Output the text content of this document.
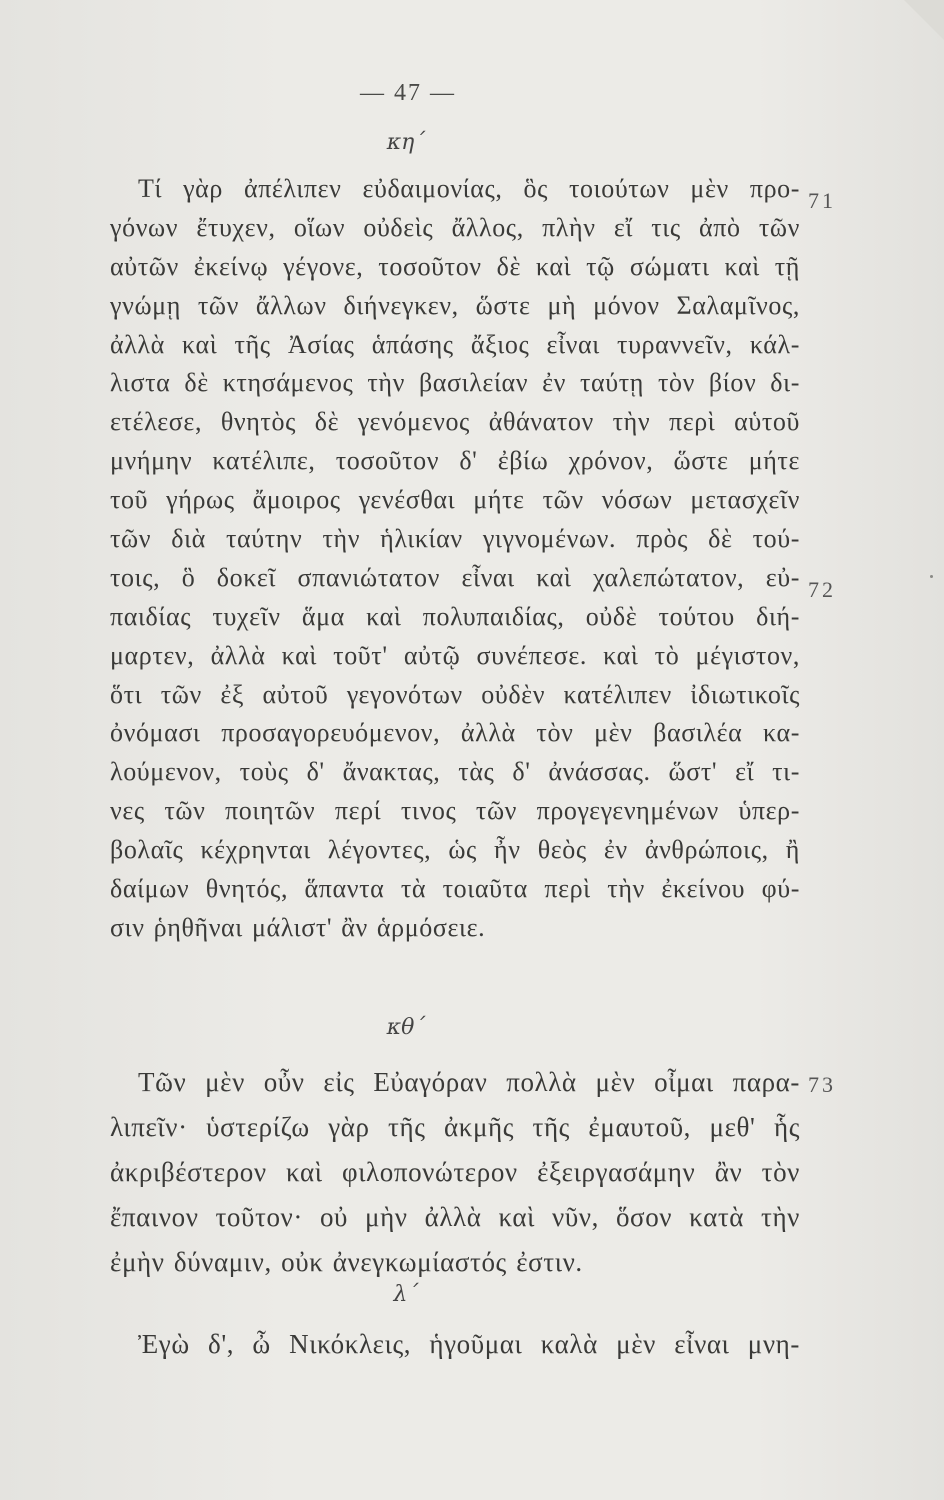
— 47 —
κη΄
Τί γὰρ ἀπέλιπεν εὐδαιμονίας, ὃς τοιούτων μὲν προ-
γόνων ἔτυχεν, οἵων οὐδεὶς ἄλλος, πλὴν εἴ τις ἀπὸ τῶν
αὐτῶν ἐκείνῳ γέγονε, τοσοῦτον δὲ καὶ τῷ σώματι καὶ τῇ
γνώμῃ τῶν ἄλλων διήνεγκεν, ὥστε μὴ μόνον Σαλαμῖνος,
ἀλλὰ καὶ τῆς Ἀσίας ἁπάσης ἄξιος εἶναι τυραννεῖν, κάλ-
λιστα δὲ κτησάμενος τὴν βασιλείαν ἐν ταύτῃ τὸν βίον δι-
ετέλεσε, θνητὸς δὲ γενόμενος ἀθάνατον τὴν περὶ αὑτοῦ
μνήμην κατέλιπε, τοσοῦτον δ' ἐβίω χρόνον, ὥστε μήτε
τοῦ γήρως ἄμοιρος γενέσθαι μήτε τῶν νόσων μετασχεῖν
τῶν διὰ ταύτην τὴν ἡλικίαν γιγνομένων. πρὸς δὲ τού-
τοις, ὃ δοκεῖ σπανιώτατον εἶναι καὶ χαλεπώτατον, εὐ-
παιδίας τυχεῖν ἅμα καὶ πολυπαιδίας, οὐδὲ τούτου διή-
μαρτεν, ἀλλὰ καὶ τοῦτ' αὐτῷ συνέπεσε. καὶ τὸ μέγιστον,
ὅτι τῶν ἐξ αὐτοῦ γεγονότων οὐδὲν κατέλιπεν ἰδιωτικοῖς
ὀνόμασι προσαγορευόμενον, ἀλλὰ τὸν μὲν βασιλέα κα-
λούμενον, τοὺς δ' ἄνακτας, τὰς δ' ἀνάσσας. ὥστ' εἴ τι-
νες τῶν ποιητῶν περί τινος τῶν προγεγενημένων ὑπερ-
βολαῖς κέχρηνται λέγοντες, ὡς ἦν θεὸς ἐν ἀνθρώποις, ἢ
δαίμων θνητός, ἅπαντα τὰ τοιαῦτα περὶ τὴν ἐκείνου φύ-
σιν ῥηθῆναι μάλιστ' ἂν ἁρμόσειε.
71
72
κθ΄
Τῶν μὲν οὖν εἰς Εὐαγόραν πολλὰ μὲν οἶμαι παρα-
λιπεῖν· ὑστερίζω γὰρ τῆς ἀκμῆς τῆς ἐμαυτοῦ, μεθ' ἧς
ἀκριβέστερον καὶ φιλοπονώτερον ἐξειργασάμην ἂν τὸν
ἔπαινον τοῦτον· οὐ μὴν ἀλλὰ καὶ νῦν, ὅσον κατὰ τὴν
ἐμὴν δύναμιν, οὐκ ἀνεγκωμίαστός ἐστιν.
73
λ΄
Ἐγὼ δ', ὦ Νικόκλεις, ἡγοῦμαι καλὰ μὲν εἶναι μνη-
